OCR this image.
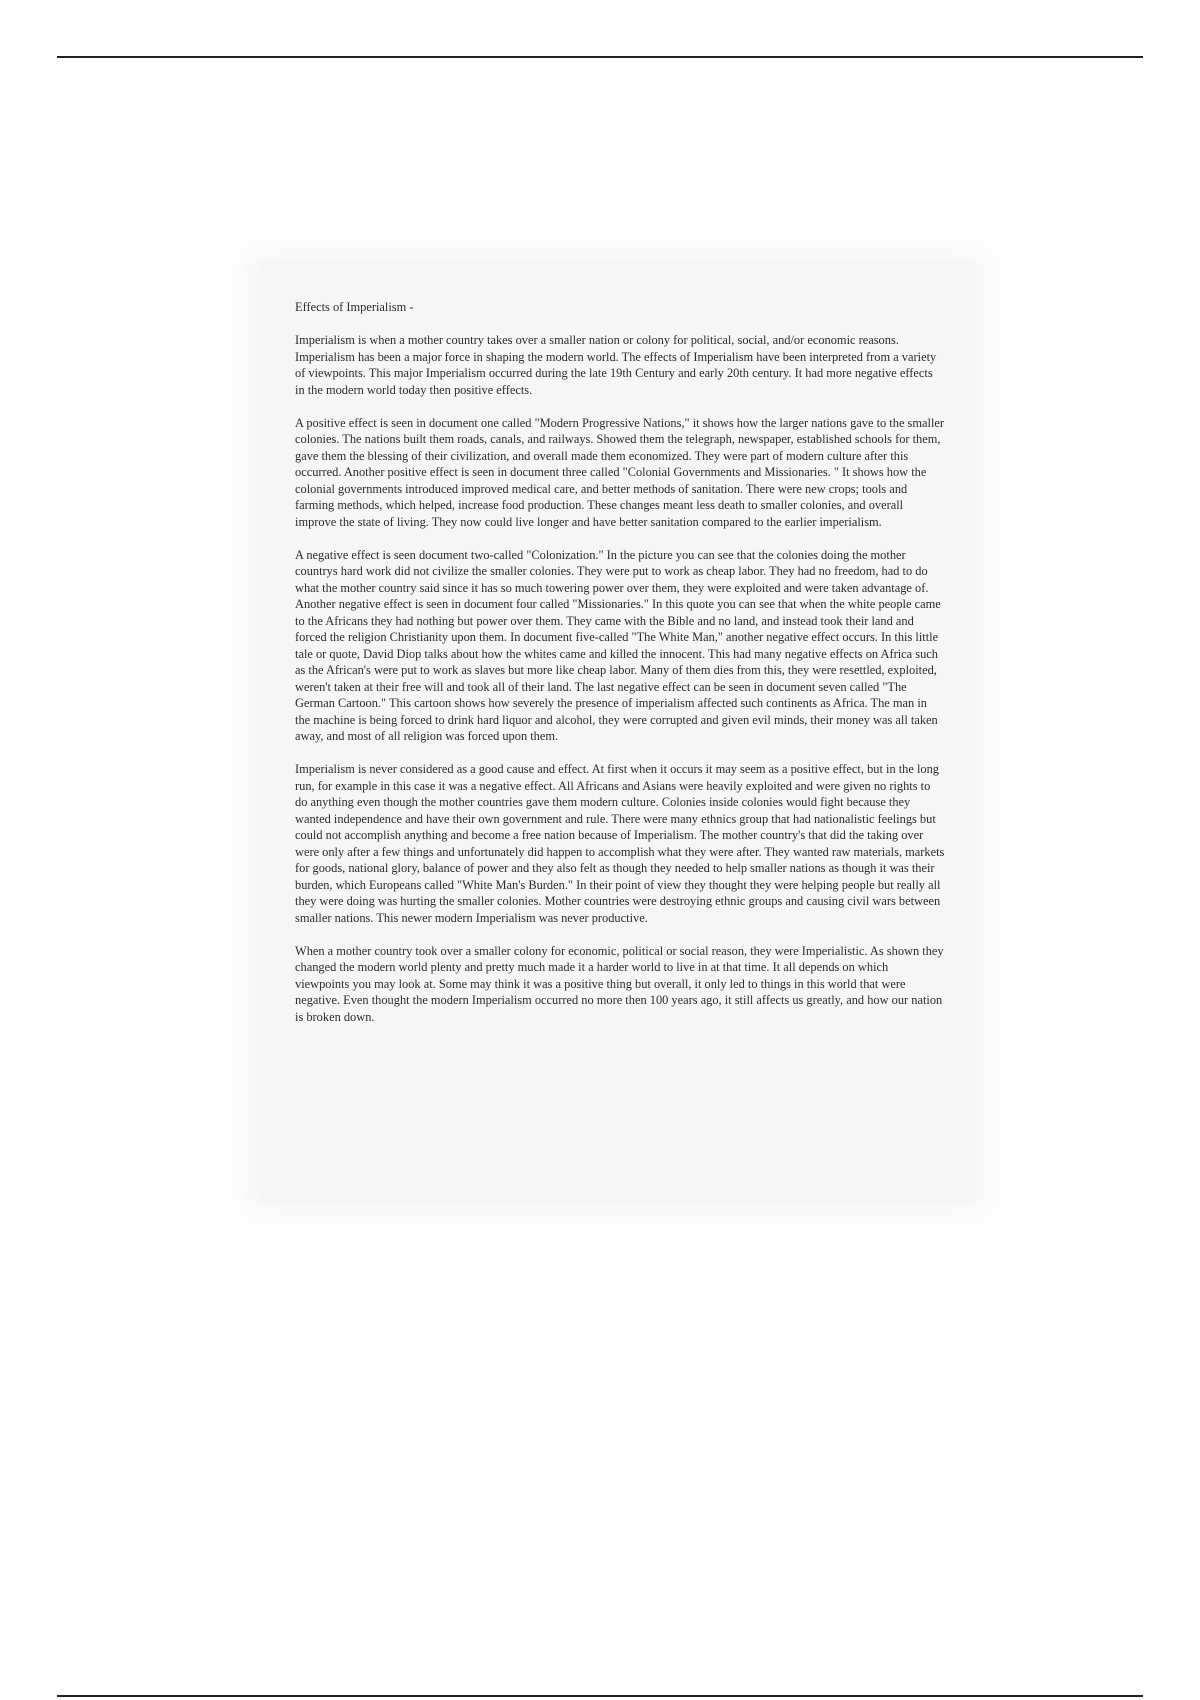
Effects of Imperialism -

Imperialism is when a mother country takes over a smaller nation or colony for political, social, and/or economic reasons. Imperialism has been a major force in shaping the modern world. The effects of Imperialism have been interpreted from a variety of viewpoints. This major Imperialism occurred during the late 19th Century and early 20th century. It had more negative effects in the modern world today then positive effects.

A positive effect is seen in document one called "Modern Progressive Nations," it shows how the larger nations gave to the smaller colonies. The nations built them roads, canals, and railways. Showed them the telegraph, newspaper, established schools for them, gave them the blessing of their civilization, and overall made them economized. They were part of modern culture after this occurred. Another positive effect is seen in document three called "Colonial Governments and Missionaries. " It shows how the colonial governments introduced improved medical care, and better methods of sanitation. There were new crops; tools and farming methods, which helped, increase food production. These changes meant less death to smaller colonies, and overall improve the state of living. They now could live longer and have better sanitation compared to the earlier imperialism.

A negative effect is seen document two-called "Colonization." In the picture you can see that the colonies doing the mother countrys hard work did not civilize the smaller colonies. They were put to work as cheap labor. They had no freedom, had to do what the mother country said since it has so much towering power over them, they were exploited and were taken advantage of. Another negative effect is seen in document four called "Missionaries." In this quote you can see that when the white people came to the Africans they had nothing but power over them. They came with the Bible and no land, and instead took their land and forced the religion Christianity upon them. In document five-called "The White Man," another negative effect occurs. In this little tale or quote, David Diop talks about how the whites came and killed the innocent. This had many negative effects on Africa such as the African's were put to work as slaves but more like cheap labor. Many of them dies from this, they were resettled, exploited, weren't taken at their free will and took all of their land. The last negative effect can be seen in document seven called "The German Cartoon." This cartoon shows how severely the presence of imperialism affected such continents as Africa. The man in the machine is being forced to drink hard liquor and alcohol, they were corrupted and given evil minds, their money was all taken away, and most of all religion was forced upon them.

Imperialism is never considered as a good cause and effect. At first when it occurs it may seem as a positive effect, but in the long run, for example in this case it was a negative effect. All Africans and Asians were heavily exploited and were given no rights to do anything even though the mother countries gave them modern culture. Colonies inside colonies would fight because they wanted independence and have their own government and rule. There were many ethnics group that had nationalistic feelings but could not accomplish anything and become a free nation because of Imperialism. The mother country's that did the taking over were only after a few things and unfortunately did happen to accomplish what they were after. They wanted raw materials, markets for goods, national glory, balance of power and they also felt as though they needed to help smaller nations as though it was their burden, which Europeans called "White Man's Burden." In their point of view they thought they were helping people but really all they were doing was hurting the smaller colonies. Mother countries were destroying ethnic groups and causing civil wars between smaller nations. This newer modern Imperialism was never productive.

When a mother country took over a smaller colony for economic, political or social reason, they were Imperialistic. As shown they changed the modern world plenty and pretty much made it a harder world to live in at that time. It all depends on which viewpoints you may look at. Some may think it was a positive thing but overall, it only led to things in this world that were negative. Even thought the modern Imperialism occurred no more then 100 years ago, it still affects us greatly, and how our nation is broken down.
